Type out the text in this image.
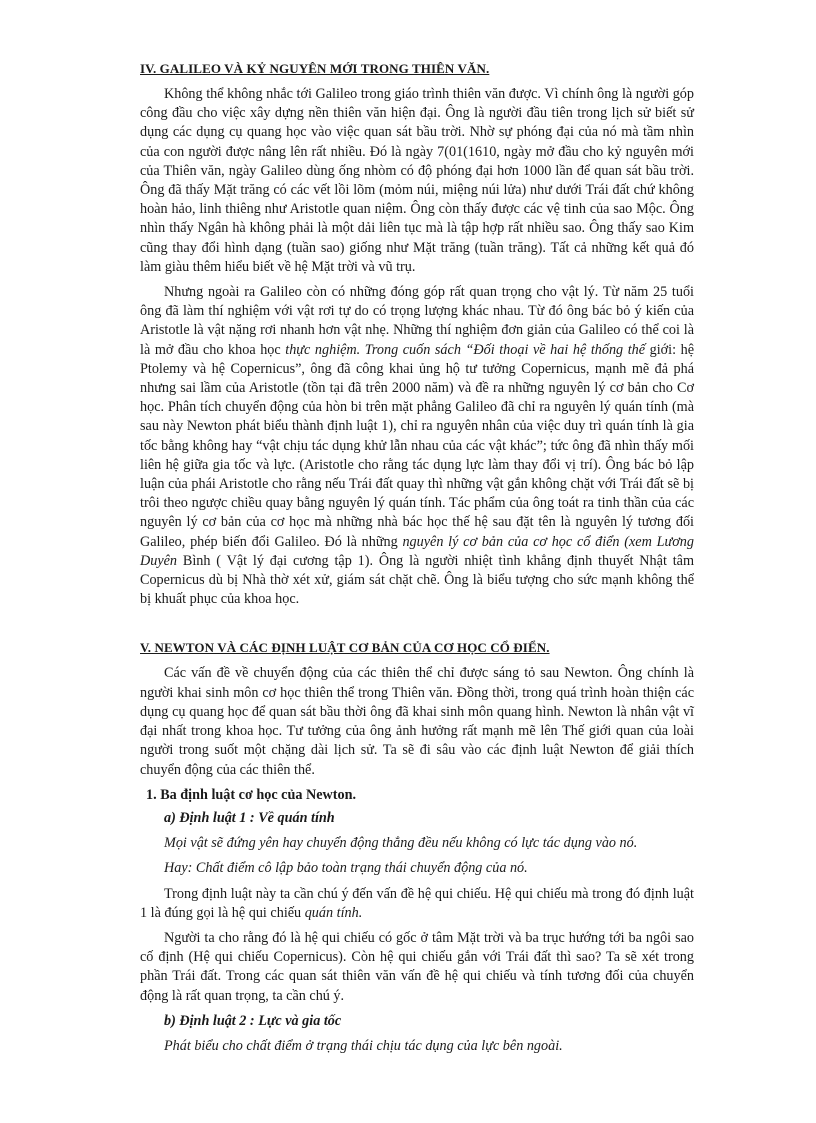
IV. GALILEO VÀ KỶ NGUYÊN MỚI TRONG THIÊN VĂN.

Không thể không nhắc tới Galileo trong giáo trình thiên văn được. Vì chính ông là người góp công đầu cho việc xây dựng nền thiên văn hiện đại. Ông là người đầu tiên trong lịch sử biết sử dụng các dụng cụ quang học vào việc quan sát bầu trời. Nhờ sự phóng đại của nó mà tầm nhìn của con người được nâng lên rất nhiều. Đó là ngày 7(01(1610, ngày mở đầu cho kỷ nguyên mới của Thiên văn, ngày Galileo dùng ống nhòm có độ phóng đại hơn 1000 lần để quan sát bầu trời. Ông đã thấy Mặt trăng có các vết lồi lõm (mỏm núi, miệng núi lửa) như dưới Trái đất chứ không hoàn hảo, linh thiêng như Aristotle quan niệm. Ông còn thấy được các vệ tinh của sao Mộc. Ông nhìn thấy Ngân hà không phải là một dải liên tục mà là tập hợp rất nhiều sao. Ông thấy sao Kim cũng thay đổi hình dạng (tuần sao) giống như Mặt trăng (tuần trăng). Tất cả những kết quả đó làm giàu thêm hiểu biết về hệ Mặt trời và vũ trụ.

Nhưng ngoài ra Galileo còn có những đóng góp rất quan trọng cho vật lý. Từ năm 25 tuổi ông đã làm thí nghiệm với vật rơi tự do có trọng lượng khác nhau. Từ đó ông bác bỏ ý kiến của Aristotle là vật nặng rơi nhanh hơn vật nhẹ. Những thí nghiệm đơn giản của Galileo có thể coi là là mở đầu cho khoa học thực nghiệm. Trong cuốn sách “Đối thoại về hai hệ thống thế giới: hệ Ptolemy và hệ Copernicus”, ông đã công khai ủng hộ tư tưởng Copernicus, mạnh mẽ đả phá nhưng sai lầm của Aristotle (tồn tại đã trên 2000 năm) và đề ra những nguyên lý cơ bản cho Cơ học. Phân tích chuyển động của hòn bi trên mặt phẳng Galileo đã chỉ ra nguyên lý quán tính (mà sau này Newton phát biểu thành định luật 1), chỉ ra nguyên nhân của việc duy trì quán tính là gia tốc bằng không hay “vật chịu tác dụng khử lẫn nhau của các vật khác”; tức ông đã nhìn thấy mối liên hệ giữa gia tốc và lực. (Aristotle cho rằng tác dụng lực làm thay đổi vị trí). Ông bác bỏ lập luận của phái Aristotle cho rằng nếu Trái đất quay thì những vật gắn không chặt với Trái đất sẽ bị trôi theo ngược chiều quay bằng nguyên lý quán tính. Tác phẩm của ông toát ra tinh thần của các nguyên lý cơ bản của cơ học mà những nhà bác học thế hệ sau đặt tên là nguyên lý tương đối Galileo, phép biến đổi Galileo. Đó là những nguyên lý cơ bản của cơ học cổ điển (xem Lương Duyên Bình ( Vật lý đại cương tập 1). Ông là người nhiệt tình khẳng định thuyết Nhật tâm Copernicus dù bị Nhà thờ xét xử, giám sát chặt chẽ. Ông là biểu tượng cho sức mạnh không thể bị khuất phục của khoa học.

V. NEWTON VÀ CÁC ĐỊNH LUẬT CƠ BẢN CỦA CƠ HỌC CỔ ĐIỂN.

Các vấn đề về chuyển động của các thiên thể chỉ được sáng tỏ sau Newton. Ông chính là người khai sinh môn cơ học thiên thể trong Thiên văn. Đồng thời, trong quá trình hoàn thiện các dụng cụ quang học để quan sát bầu thời ông đã khai sinh môn quang hình. Newton là nhân vật vĩ đại nhất trong khoa học. Tư tưởng của ông ảnh hưởng rất mạnh mẽ lên Thế giới quan của loài người trong suốt một chặng dài lịch sử. Ta sẽ đi sâu vào các định luật Newton để giải thích chuyển động của các thiên thể.

1. Ba định luật cơ học của Newton.
a) Định luật 1 : Về quán tính
Mọi vật sẽ đứng yên hay chuyển động thẳng đều nếu không có lực tác dụng vào nó.
Hay: Chất điểm cô lập bảo toàn trạng thái chuyển động của nó.

Trong định luật này ta cần chú ý đến vấn đề hệ qui chiếu. Hệ qui chiếu mà trong đó định luật 1 là đúng gọi là hệ qui chiếu quán tính.

Người ta cho rằng đó là hệ qui chiếu có gốc ở tâm Mặt trời và ba trục hướng tới ba ngôi sao cố định (Hệ qui chiếu Copernicus). Còn hệ qui chiếu gắn với Trái đất thì sao? Ta sẽ xét trong phần Trái đất. Trong các quan sát thiên văn vấn đề hệ qui chiếu và tính tương đối của chuyển động là rất quan trọng, ta cần chú ý.

b) Định luật 2 : Lực và gia tốc
Phát biểu cho chất điểm ở trạng thái chịu tác dụng của lực bên ngoài.
